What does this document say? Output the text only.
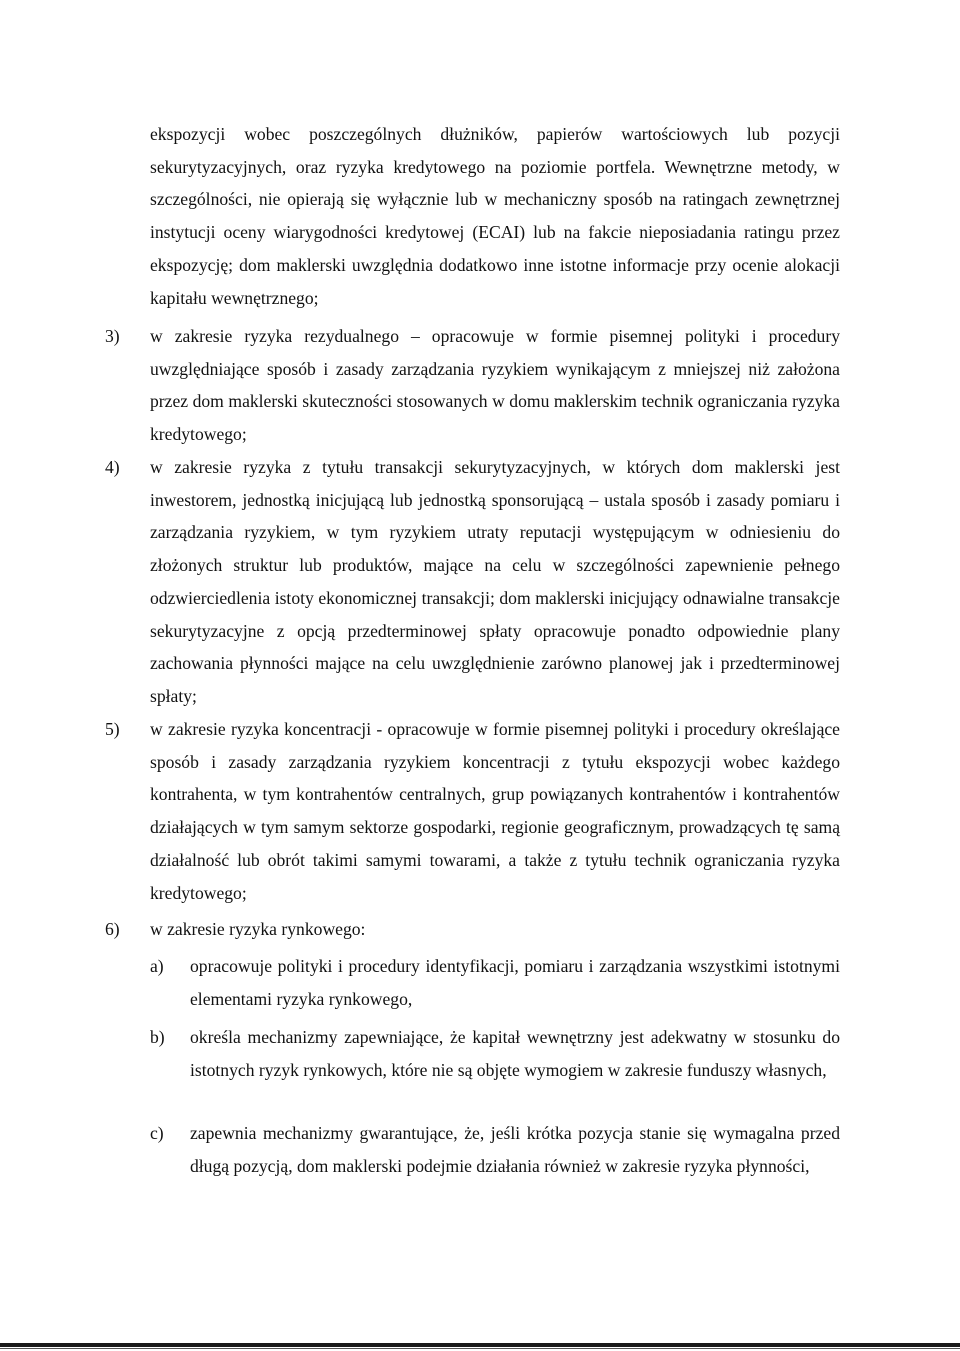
ekspozycji wobec poszczególnych dłużników, papierów wartościowych lub pozycji sekurytyzacyjnych, oraz ryzyka kredytowego na poziomie portfela. Wewnętrzne metody, w szczególności, nie opierają się wyłącznie lub w mechaniczny sposób na ratingach zewnętrznej instytucji oceny wiarygodności kredytowej (ECAI) lub na fakcie nieposiadania ratingu przez ekspozycję; dom maklerski uwzględnia dodatkowo inne istotne informacje przy ocenie alokacji kapitału wewnętrznego;

3)	w zakresie ryzyka rezydualnego – opracowuje w formie pisemnej polityki i procedury uwzględniające sposób i zasady zarządzania ryzykiem wynikającym z mniejszej niż założona przez dom maklerski skuteczności stosowanych w domu maklerskim technik ograniczania ryzyka kredytowego;
4)	w zakresie ryzyka z tytułu transakcji sekurytyzacyjnych, w których dom maklerski jest inwestorem, jednostką inicjującą lub jednostką sponsorującą – ustala sposób i zasady pomiaru i zarządzania ryzykiem, w tym ryzykiem utraty reputacji występującym w odniesieniu do złożonych struktur lub produktów, mające na celu w szczególności zapewnienie pełnego odzwierciedlenia istoty ekonomicznej transakcji; dom maklerski inicjujący odnawialne transakcje sekurytyzacyjne z opcją przedterminowej spłaty opracowuje ponadto odpowiednie plany zachowania płynności mające na celu uwzględnienie zarówno planowej jak i przedterminowej spłaty;
5)	w zakresie ryzyka koncentracji - opracowuje w formie pisemnej polityki i procedury określające sposób i zasady zarządzania ryzykiem koncentracji z tytułu ekspozycji wobec każdego kontrahenta, w tym kontrahentów centralnych, grup powiązanych kontrahentów i kontrahentów działających w tym samym sektorze gospodarki, regionie geograficznym, prowadzących tę samą działalność lub obrót takimi samymi towarami, a także z tytułu technik ograniczania ryzyka kredytowego;
6)	w zakresie ryzyka rynkowego:
a)	opracowuje polityki i procedury identyfikacji, pomiaru i zarządzania wszystkimi istotnymi elementami ryzyka rynkowego,
b)	określa mechanizmy zapewniające, że kapitał wewnętrzny jest adekwatny w stosunku do istotnych ryzyk rynkowych, które nie są objęte wymogiem w zakresie funduszy własnych,
c)	zapewnia mechanizmy gwarantujące, że, jeśli krótka pozycja stanie się wymagalna przed długą pozycją, dom maklerski podejmie działania również w zakresie ryzyka płynności,
